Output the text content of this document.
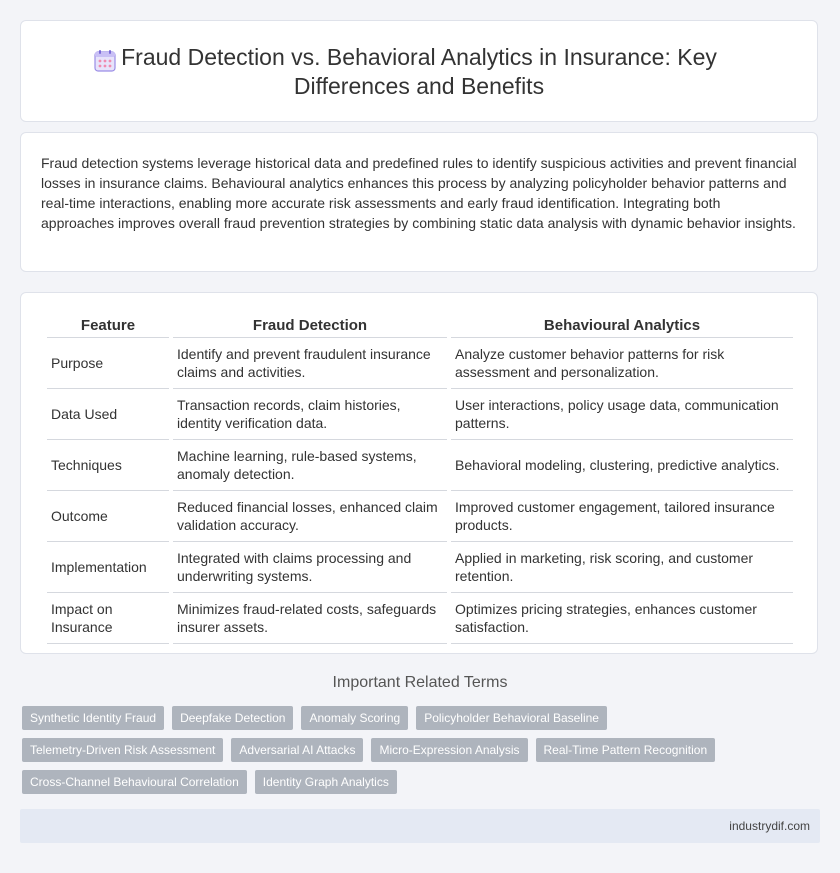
Fraud Detection vs. Behavioral Analytics in Insurance: Key Differences and Benefits

Fraud detection systems leverage historical data and predefined rules to identify suspicious activities and prevent financial losses in insurance claims. Behavioural analytics enhances this process by analyzing policyholder behavior patterns and real-time interactions, enabling more accurate risk assessments and early fraud identification. Integrating both approaches improves overall fraud prevention strategies by combining static data analysis with dynamic behavior insights.

Feature	Fraud Detection	Behavioural Analytics
Purpose	Identify and prevent fraudulent insurance claims and activities.	Analyze customer behavior patterns for risk assessment and personalization.
Data Used	Transaction records, claim histories, identity verification data.	User interactions, policy usage data, communication patterns.
Techniques	Machine learning, rule-based systems, anomaly detection.	Behavioral modeling, clustering, predictive analytics.
Outcome	Reduced financial losses, enhanced claim validation accuracy.	Improved customer engagement, tailored insurance products.
Implementation	Integrated with claims processing and underwriting systems.	Applied in marketing, risk scoring, and customer retention.
Impact on Insurance	Minimizes fraud-related costs, safeguards insurer assets.	Optimizes pricing strategies, enhances customer satisfaction.
Important Related Terms
Synthetic Identity Fraud	Deepfake Detection	Anomaly Scoring	Policyholder Behavioral Baseline
Telemetry-Driven Risk Assessment	Adversarial AI Attacks	Micro-Expression Analysis	Real-Time Pattern Recognition
Cross-Channel Behavioural Correlation	Identity Graph Analytics
industrydif.com
